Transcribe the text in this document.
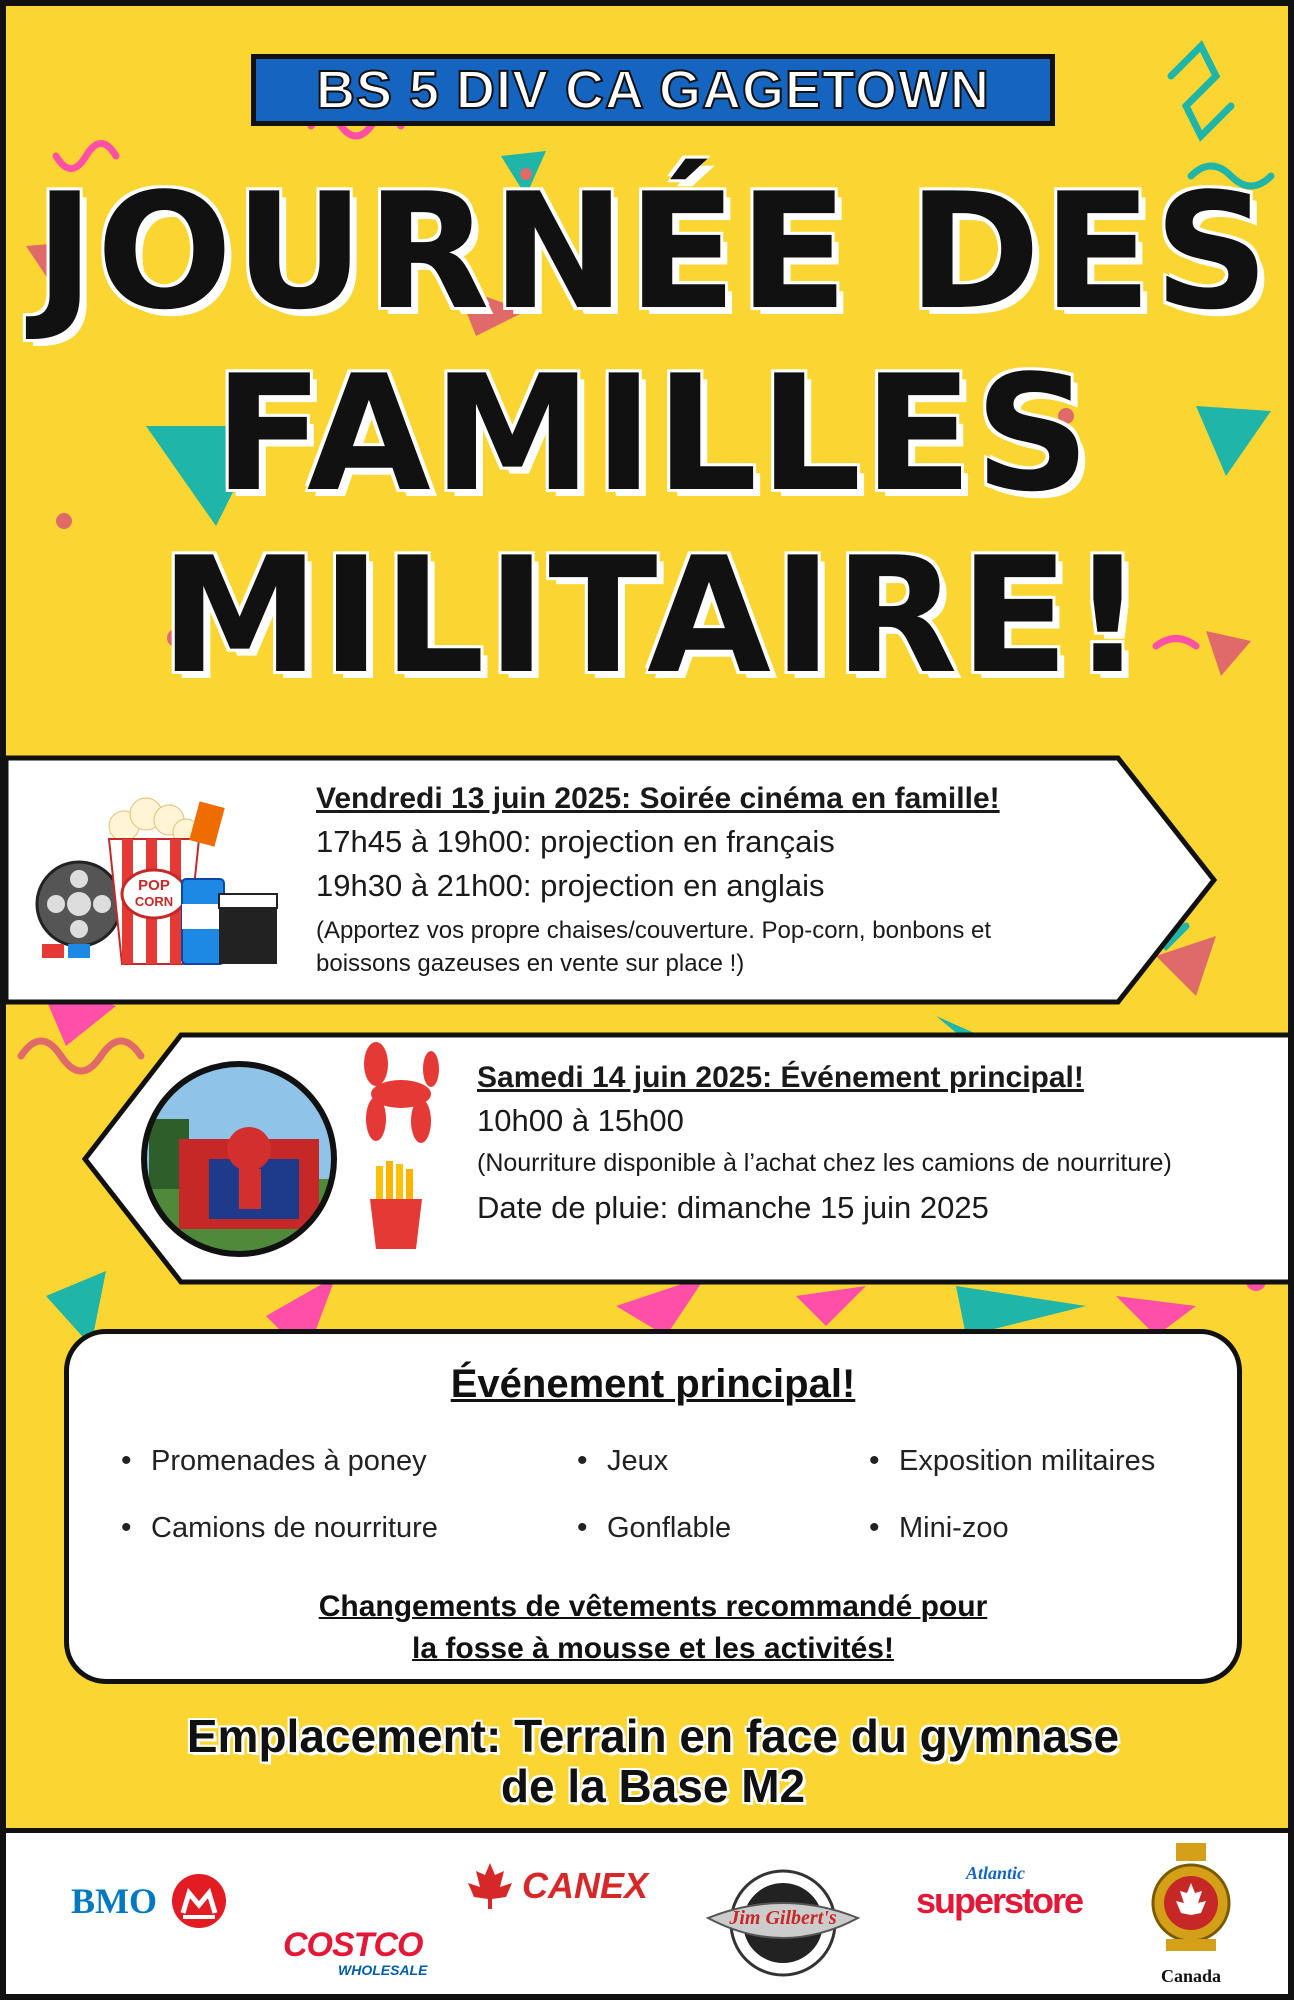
BS 5 DIV CA GAGETOWN
JOURNÉE DES
FAMILLES
MILITAIRE!
POP
CORN
Vendredi 13 juin 2025: Soirée cinéma en famille!
17h45 à 19h00: projection en français
19h30 à 21h00: projection en anglais
(Apportez vos propre chaises/couverture. Pop-corn, bonbons et
boissons gazeuses en vente sur place !)
Samedi 14 juin 2025: Événement principal!
10h00 à 15h00
(Nourriture disponible à l’achat chez les camions de nourriture)
Date de pluie: dimanche 15 juin 2025
Événement principal!
• Promenades à poney	• Jeux	• Exposition militaires
• Camions de nourriture	• Gonflable	• Mini-zoo
Changements de vêtements recommandé pour
la fosse à mousse et les activités!
Emplacement: Terrain en face du gymnase
de la Base M2
BMO
COSTCO
WHOLESALE
CANEX
Jim Gilbert's
Atlantic
superstore
Canada
